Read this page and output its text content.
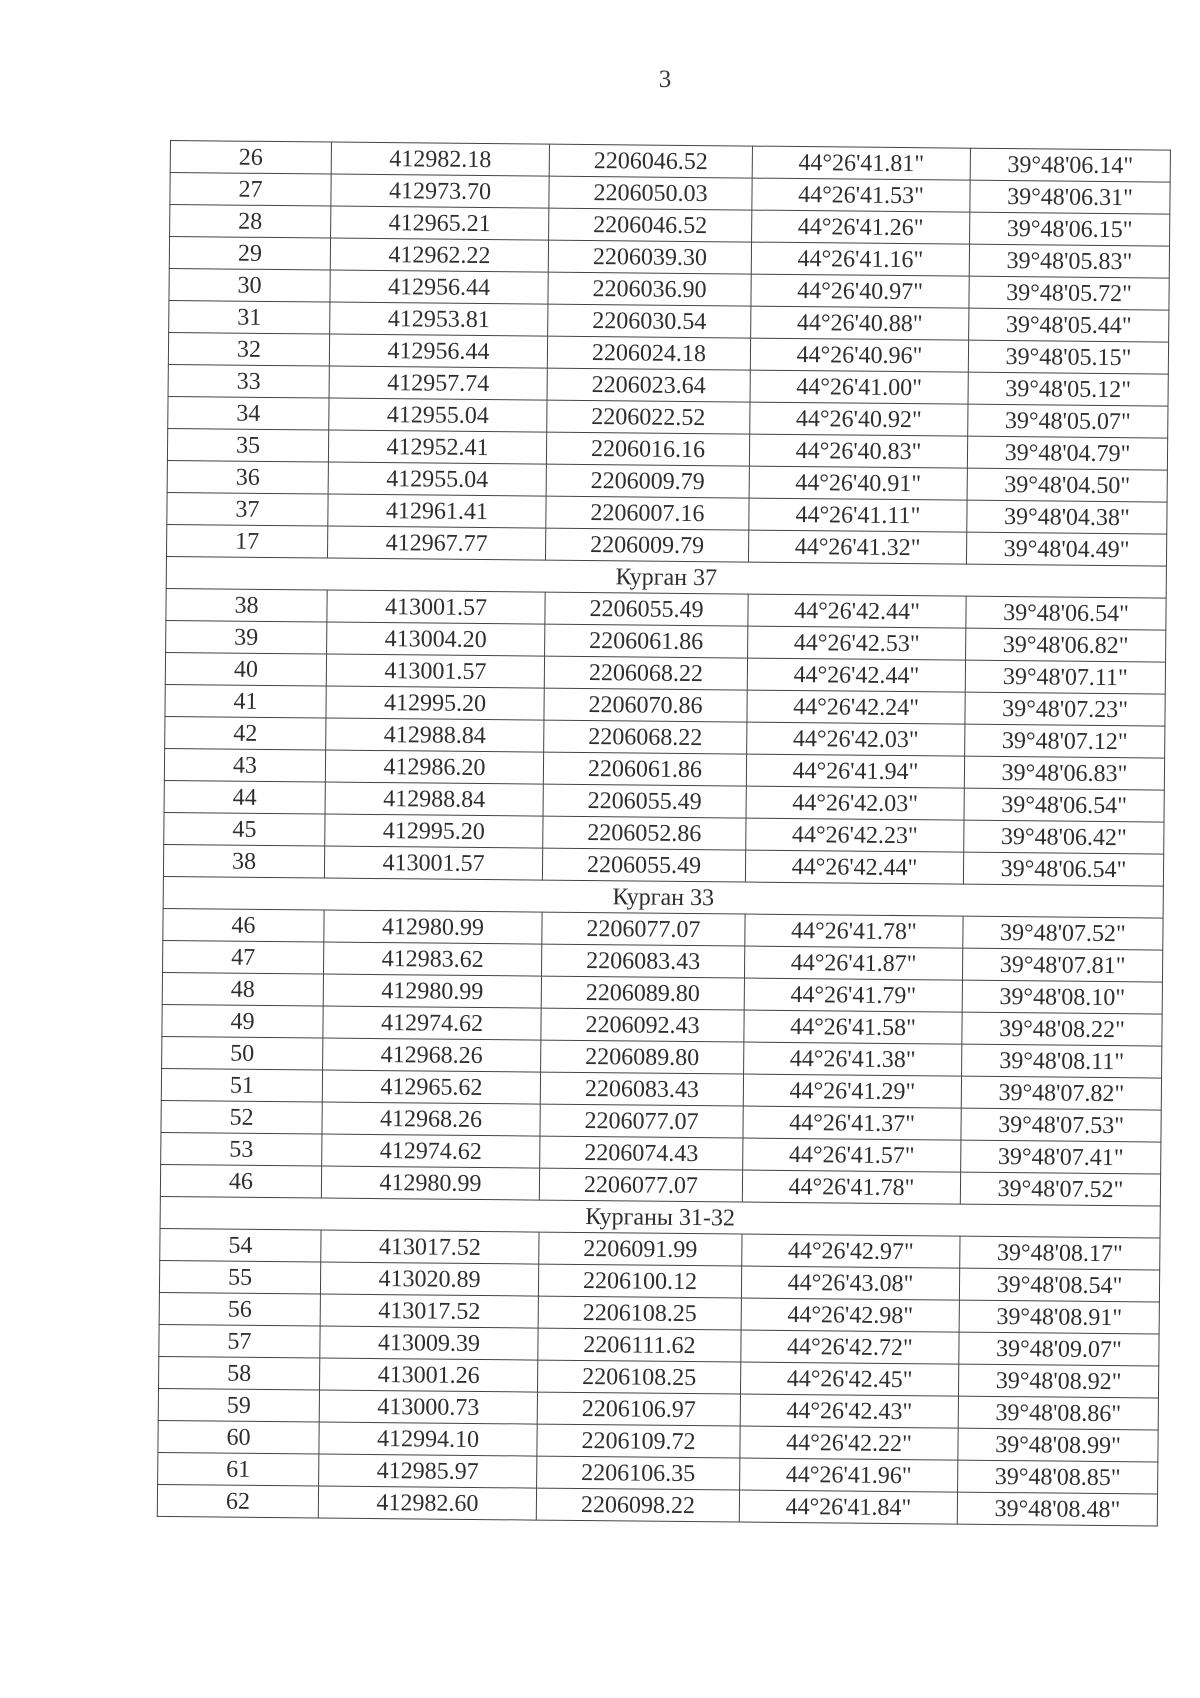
3
26	412982.18	2206046.52	44°26'41.81"	39°48'06.14"
27	412973.70	2206050.03	44°26'41.53"	39°48'06.31"
28	412965.21	2206046.52	44°26'41.26"	39°48'06.15"
29	412962.22	2206039.30	44°26'41.16"	39°48'05.83"
30	412956.44	2206036.90	44°26'40.97"	39°48'05.72"
31	412953.81	2206030.54	44°26'40.88"	39°48'05.44"
32	412956.44	2206024.18	44°26'40.96"	39°48'05.15"
33	412957.74	2206023.64	44°26'41.00"	39°48'05.12"
34	412955.04	2206022.52	44°26'40.92"	39°48'05.07"
35	412952.41	2206016.16	44°26'40.83"	39°48'04.79"
36	412955.04	2206009.79	44°26'40.91"	39°48'04.50"
37	412961.41	2206007.16	44°26'41.11"	39°48'04.38"
17	412967.77	2206009.79	44°26'41.32"	39°48'04.49"
Курган 37				
38	413001.57	2206055.49	44°26'42.44"	39°48'06.54"
39	413004.20	2206061.86	44°26'42.53"	39°48'06.82"
40	413001.57	2206068.22	44°26'42.44"	39°48'07.11"
41	412995.20	2206070.86	44°26'42.24"	39°48'07.23"
42	412988.84	2206068.22	44°26'42.03"	39°48'07.12"
43	412986.20	2206061.86	44°26'41.94"	39°48'06.83"
44	412988.84	2206055.49	44°26'42.03"	39°48'06.54"
45	412995.20	2206052.86	44°26'42.23"	39°48'06.42"
38	413001.57	2206055.49	44°26'42.44"	39°48'06.54"
Курган 33				
46	412980.99	2206077.07	44°26'41.78"	39°48'07.52"
47	412983.62	2206083.43	44°26'41.87"	39°48'07.81"
48	412980.99	2206089.80	44°26'41.79"	39°48'08.10"
49	412974.62	2206092.43	44°26'41.58"	39°48'08.22"
50	412968.26	2206089.80	44°26'41.38"	39°48'08.11"
51	412965.62	2206083.43	44°26'41.29"	39°48'07.82"
52	412968.26	2206077.07	44°26'41.37"	39°48'07.53"
53	412974.62	2206074.43	44°26'41.57"	39°48'07.41"
46	412980.99	2206077.07	44°26'41.78"	39°48'07.52"
Курганы 31-32				
54	413017.52	2206091.99	44°26'42.97"	39°48'08.17"
55	413020.89	2206100.12	44°26'43.08"	39°48'08.54"
56	413017.52	2206108.25	44°26'42.98"	39°48'08.91"
57	413009.39	2206111.62	44°26'42.72"	39°48'09.07"
58	413001.26	2206108.25	44°26'42.45"	39°48'08.92"
59	413000.73	2206106.97	44°26'42.43"	39°48'08.86"
60	412994.10	2206109.72	44°26'42.22"	39°48'08.99"
61	412985.97	2206106.35	44°26'41.96"	39°48'08.85"
62	412982.60	2206098.22	44°26'41.84"	39°48'08.48"
